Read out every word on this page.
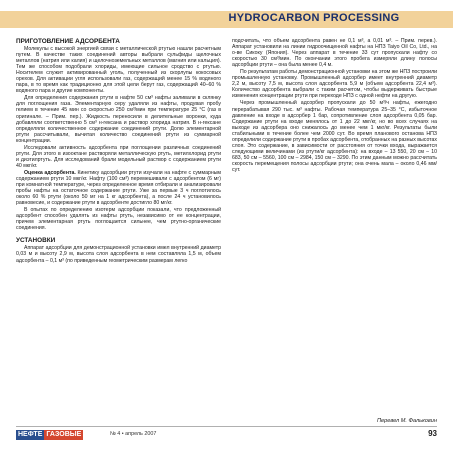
HYDROCARBON PROCESSING
ПРИГОТОВЛЕНИЕ АДСОРБЕНТА
Молекулы с высокой энергией связи с металлической ртутью нашли расчетным путем. В качестве таких соединений авторы выбрали сульфиды щелочных металлов (натрия или калия) и щелочноземельных металлов (магния или кальция). Тем же способом подобрали хлориды, имеющие сильное сродство с ртутью. Носителем служит активированный уголь, полученный из скорлупы кокосовых орехов. Для активации угля использовали газ, содержащий менее 15 % водяного пара, в то время как традиционно для этой цели берут газ, содержащий 40–60 % водяного пара и другие компоненты.
Для определения содержания ртути в нафте 50 см³ нафты заливали в склянку для поглощения газа. Элементарную серу удаляли из нафты, продувая пробу гелием в течение 45 мин со скоростью 250 см³/мин при температуре 25 °С (газ в оригинале. – Прим. пер.). Жидкость переносили в делительные воронки, куда добавляли соответственно 5 см³ н-гексана и раствор хлорида натрия. В н-гексане определяли количественное содержание соединений ртути. Долю элементарной ртути рассчитывали, вычитая количество соединений ртути из суммарной концентрации.
Исследовали активность адсорбента при поглощении различных соединений ртути. Для этого в изооктане растворяли металлическую ртуть, метилхлорид ртути и диэтилртуть. Для исследований брали модельный раствор с содержанием ртути 40 мкг/кг.
Оценка адсорбента. Кинетику адсорбции ртути изучали на нафте с суммарным содержанием ртути 10 мкг/кг. Нафту (100 см³) перемешивали с адсорбентом (6 мг) при комнатной температуре, через определенное время отбирали и анализировали пробы нафты на остаточное содержание ртути. Уже за первые 3 ч поглотилось около 60 % ртути (около 50 мг на 1 кг адсорбента), а после 24 ч установилось равновесие, и содержание ртути в адсорбенте достигло 80 мг/кг.
В опытах по определению изотерм адсорбции показали, что предложенный адсорбент способен удалять из нафты ртуть, независимо от ее концентрации, причем элементарная ртуть поглощается сильнее, чем ртутно-органические соединения.
УСТАНОВКИ
Аппарат адсорбции для демонстрационной установки имел внутренний диаметр 0,03 м и высоту 2,9 м, высота слоя адсорбента в нем составляла 1,5 м, объем адсорбента – 0,1 м³ (по приведенным геометрическим размерам легко
подсчитать, что объем адсорбента равен не 0,1 м³, а 0,01 м³. – Прим. перев.). Аппарат установили на линии гидроочищенной нафты на НПЗ Taiyo Oil Co, Ltd., на о-ве Сикоку (Япония). Через аппарат в течение 33 сут пропускали нафту со скоростью 30 см³/мин. По окончании этого пробега измеряли длину полосы адсорбции ртути – она была менее 0,4 м.
По результатам работы демонстрационной установки на этом же НПЗ построили промышленную установку. Промышленный адсорбер имеет внутренний диаметр 2,2 м, высоту 7,5 м, высота слоя адсорбента 5,9 м (объем адсорбента 22,4 м³). Количество адсорбента выбрали с таким расчетом, чтобы выдерживать быстрые изменения концентрации ртути при переходе НПЗ с одной нефти на другую.
Через промышленный адсорбер пропускали до 50 м³/ч нафты, ежегодно перерабатывая 290 тыс. м³ нафты. Рабочая температура 25–35 °С, избыточное давление на входе в адсорбер 1 бар, сопротивление слоя адсорбента 0,05 бар. Содержание ртути на входе менялось от 1 до 22 мкг/кг, но во всех случаях на выходе из адсорбера оно снижалось до менее чем 1 мкг/кг. Результаты были стабильными в течение более чем 2000 сут. Во время планового останова НПЗ определили содержание ртути в пробах адсорбента, отобранных на разных высотах слоя. Это содержание, в зависимости от расстояния от точки входа, выражается следующими величинами (из ртути/кг адсорбента): на входе – 13 550, 20 см – 10 683, 50 см – 5560, 100 см – 2984, 150 см – 3290. По этим данным можно рассчитать скорость перемещения полосы адсорбции ртути; она очень мала – около 0,46 мм/сут.
Перевел М. Фальковин
НЕФТЕ ГАЗОВЫЕ	№ 4 • апрель 2007	93
